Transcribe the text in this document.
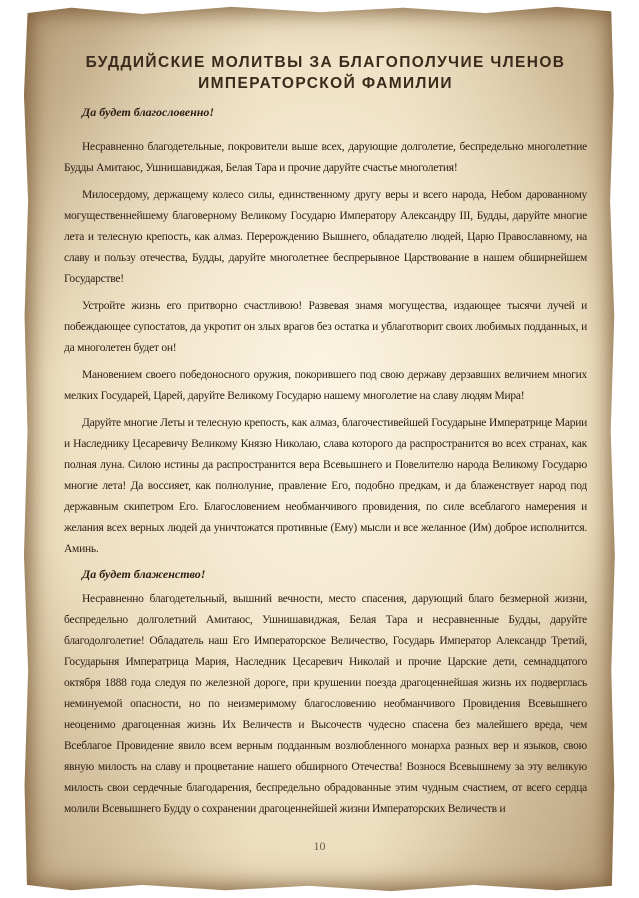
БУДДИЙСКИЕ МОЛИТВЫ ЗА БЛАГОПОЛУЧИЕ ЧЛЕНОВ
ИМПЕРАТОРСКОЙ ФАМИЛИИ
Да будет благословенно!

Несравненно благодетельные, покровители выше всех, дарующие долголетие, беспредельно многолетние Будды Амитаюс, Ушнишавиджая, Белая Тара и прочие даруйте счастье многолетия!

Милосердому, держащему колесо силы, единственному другу веры и всего народа, Небом дарованному могущественнейшему благоверному Великому Государю Императору Александру III, Будды, даруйте многие лета и телесную крепость, как алмаз. Перерождению Вышнего, обладателю людей, Царю Православному, на славу и пользу отечества, Будды, даруйте многолетнее беспрерывное Царствование в нашем обширнейшем Государстве!

Устройте жизнь его притворно счастливою! Развевая знамя могущества, издающее тысячи лучей и побеждающее супостатов, да укротит он злых врагов без остатка и ублаготворит своих любимых подданных, и да многолетен будет он!

Мановением своего победоносного оружия, покорившего под свою державу дерзавших величием многих мелких Государей, Царей, даруйте Великому Государю нашему многолетие на славу людям Мира!

Даруйте многие Леты и телесную крепость, как алмаз, благочестивейшей Государыне Императрице Марии и Наследнику Цесаревичу Великому Князю Николаю, слава которого да распространится во всех странах, как полная луна. Силою истины да распространится вера Всевышнего и Повелителю народа Великому Государю многие лета! Да воссияет, как полнолуние, правление Его, подобно предкам, и да блаженствует народ под державным скипетром Его. Благословением необманчивого провидения, по силе всеблагого намерения и желания всех верных людей да уничтожатся противные (Ему) мысли и все желанное (Им) доброе исполнится. Аминь.

Да будет блаженство!

Несравненно благодетельный, вышний вечности, место спасения, дарующий благо безмерной жизни, беспредельно долголетний Амитаюс, Ушнишавиджая, Белая Тара и несравненные Будды, даруйте благодолголетие! Обладатель наш Его Императорское Величество, Государь Император Александр Третий, Государыня Императрица Мария, Наследник Цесаревич Николай и прочие Царские дети, семнадцатого октября 1888 года следуя по железной дороге, при крушении поезда драгоценнейшая жизнь их подверглась неминуемой опасности, но по неизмеримому благословению необманчивого Провидения Всевышнего неоценимо драгоценная жизнь Их Величеств и Высочеств чудесно спасена без малейшего вреда, чем Всеблагое Провидение явило всем верным подданным возлюбленного монарха разных вер и языков, свою явную милость на славу и процветание нашего обширного Отечества! Вознося Всевышнему за эту великую милость свои сердечные благодарения, беспредельно обрадованные этим чудным счастием, от всего сердца молили Всевышнего Будду о сохранении драгоценнейшей жизни Императорских Величеств и

10
